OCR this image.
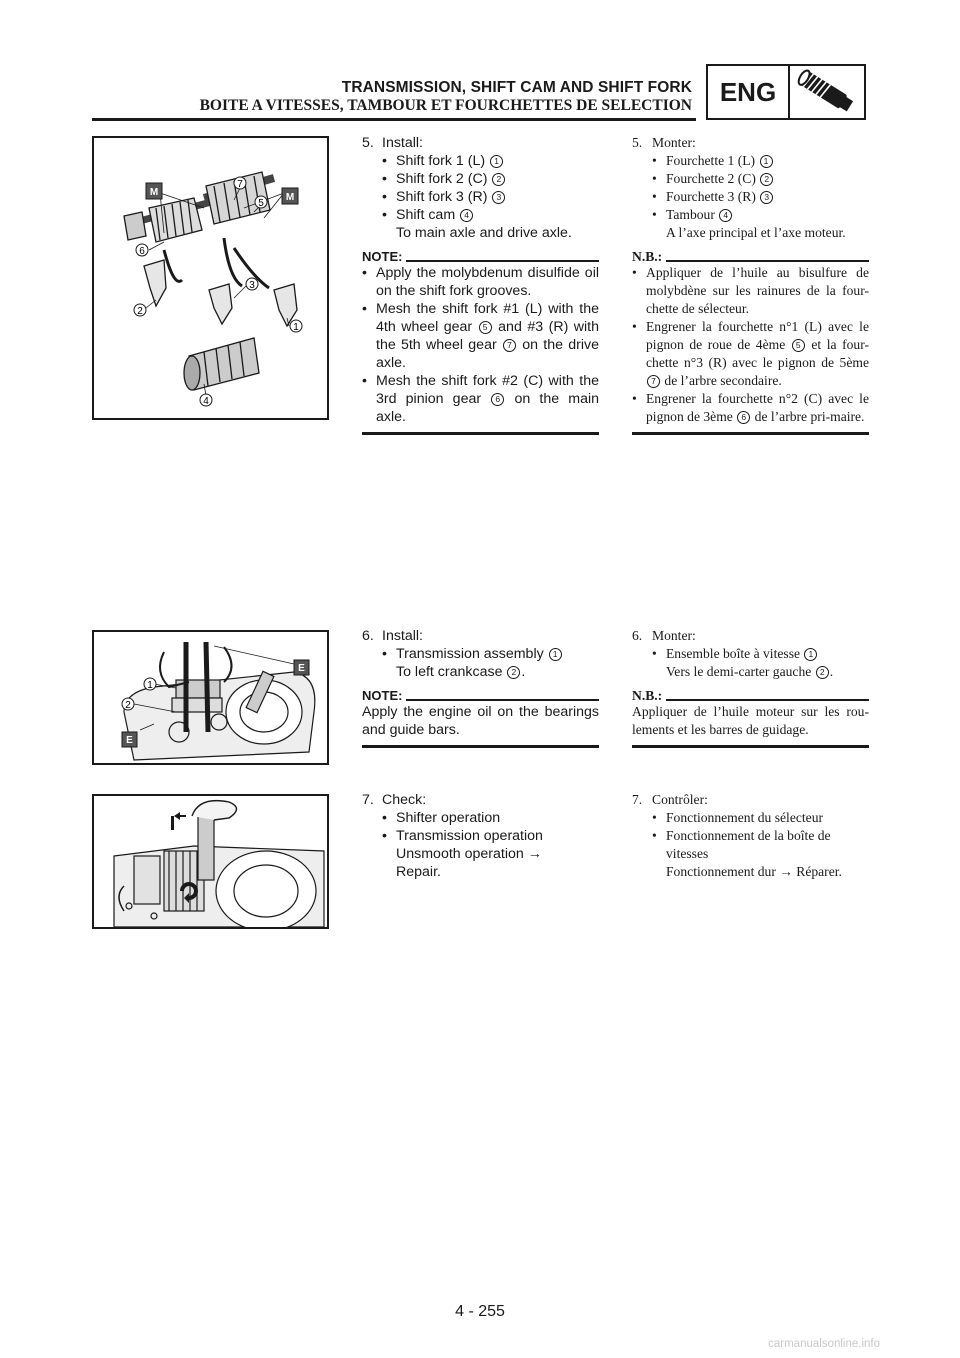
TRANSMISSION, SHIFT CAM AND SHIFT FORK
BOITE A VITESSES, TAMBOUR ET FOURCHETTES DE SELECTION	ENG
M
7
5
M
6
3
2
1
4
5. Install:
• Shift fork 1 (L) 1
• Shift fork 2 (C) 2
• Shift fork 3 (R) 3
• Shift cam 4
To main axle and drive axle.
NOTE:
• Apply the molybdenum disulfide oil on the shift fork grooves.
• Mesh the shift fork #1 (L) with the 4th wheel gear 5 and #3 (R) with the 5th wheel gear 7 on the drive axle.
• Mesh the shift fork #2 (C) with the 3rd pinion gear 6 on the main axle.
5. Monter:
• Fourchette 1 (L) 1
• Fourchette 2 (C) 2
• Fourchette 3 (R) 3
• Tambour 4
A l’axe principal et l’axe moteur.
N.B.:
• Appliquer de l’huile au bisulfure de molybdène sur les rainures de la four-chette de sélecteur.
• Engrener la fourchette n°1 (L) avec le pignon de roue de 4ème 5 et la four-chette n°3 (R) avec le pignon de 5ème 7 de l’arbre secondaire.
• Engrener la fourchette n°2 (C) avec le pignon de 3ème 6 de l’arbre pri-maire.
E
1
2
E
6. Install:
• Transmission assembly 1
To left crankcase 2 .
NOTE:
Apply the engine oil on the bearings and guide bars.
6. Monter:
• Ensemble boîte à vitesse 1
Vers le demi-carter gauche 2 .
N.B.:
Appliquer de l’huile moteur sur les rou-lements et les barres de guidage.
7. Check:
• Shifter operation
• Transmission operation
Unsmooth operation → Repair.
7. Contrôler:
• Fonctionnement du sélecteur
• Fonctionnement de la boîte de vitesses
Fonctionnement dur → Réparer.
4 - 255
carmanualsonline.info
